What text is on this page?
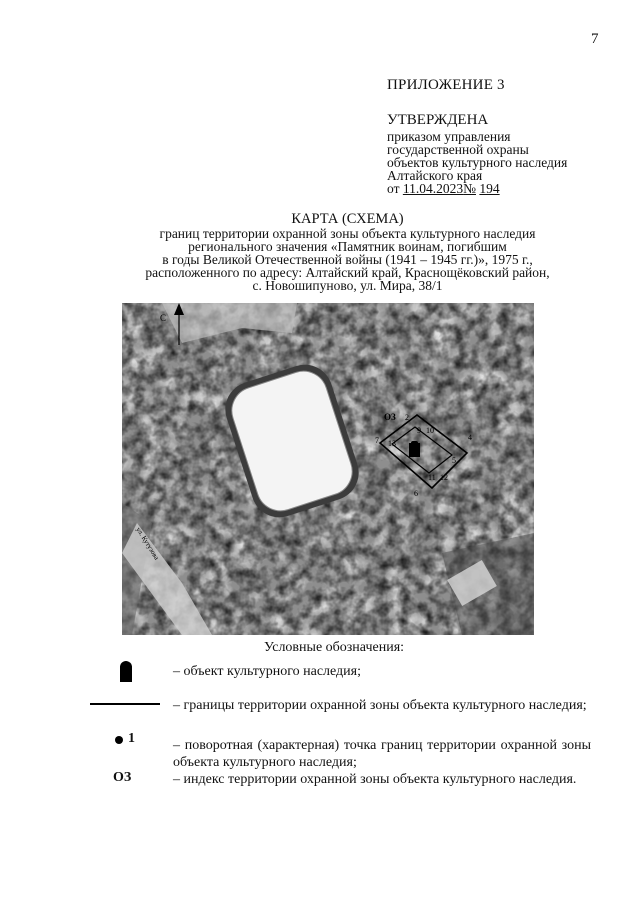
7
ПРИЛОЖЕНИЕ 3
УТВЕРЖДЕНА
приказом управления
государственной охраны
объектов культурного наследия
Алтайского края
от 11.04.2023№ 194
КАРТА (СХЕМА)
границ территории охранной зоны объекта культурного наследия
регионального значения «Памятник воинам, погибшим
в годы Великой Отечественной войны (1941 – 1945 гг.)», 1975 г.,
расположенного по адресу: Алтайский край, Краснощёковский район,
с. Новошипуново, ул. Мира, 38/1
С
ОЗ 2
4
5
6
7
9 10
11 12
13
ул. Кутузова
Условные обозначения:
– объект культурного наследия;
– границы территории охранной зоны объекта культурного наследия;
1	– поворотная (характерная) точка границ территории охранной зоны объекта культурного наследия;
ОЗ	– индекс территории охранной зоны объекта культурного наследия.
